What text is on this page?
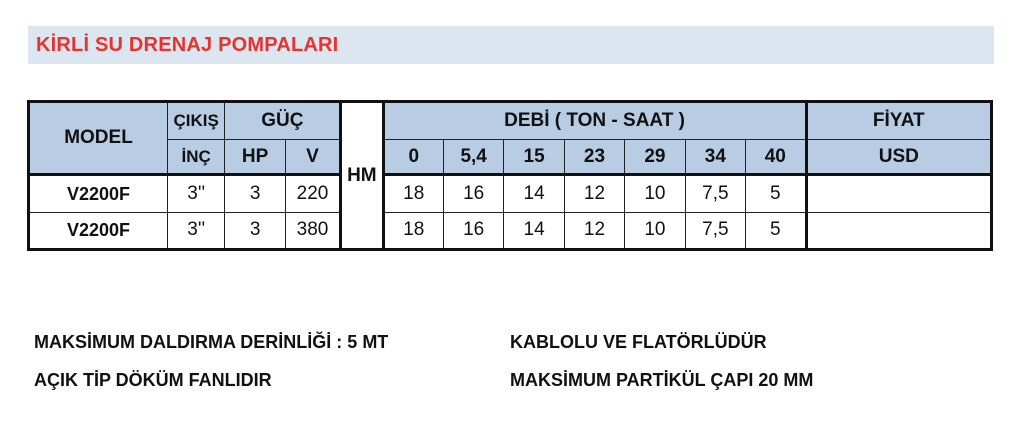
KİRLİ SU DRENAJ POMPALARI
MODEL	ÇIKIŞ	GÜÇ		HM	DEBİ ( TON - SAAT )							FİYAT
	İNÇ	HP	V		0	5,4	15	23	29	34	40	USD
V2200F	3''	3	220		18	16	14	12	10	7,5	5	
V2200F	3''	3	380		18	16	14	12	10	7,5	5	
MAKSİMUM DALDIRMA DERİNLİĞİ : 5 MT
AÇIK TİP DÖKÜM FANLIDIR
KABLOLU VE FLATÖRLÜDÜR
MAKSİMUM PARTİKÜL ÇAPI 20 MM
